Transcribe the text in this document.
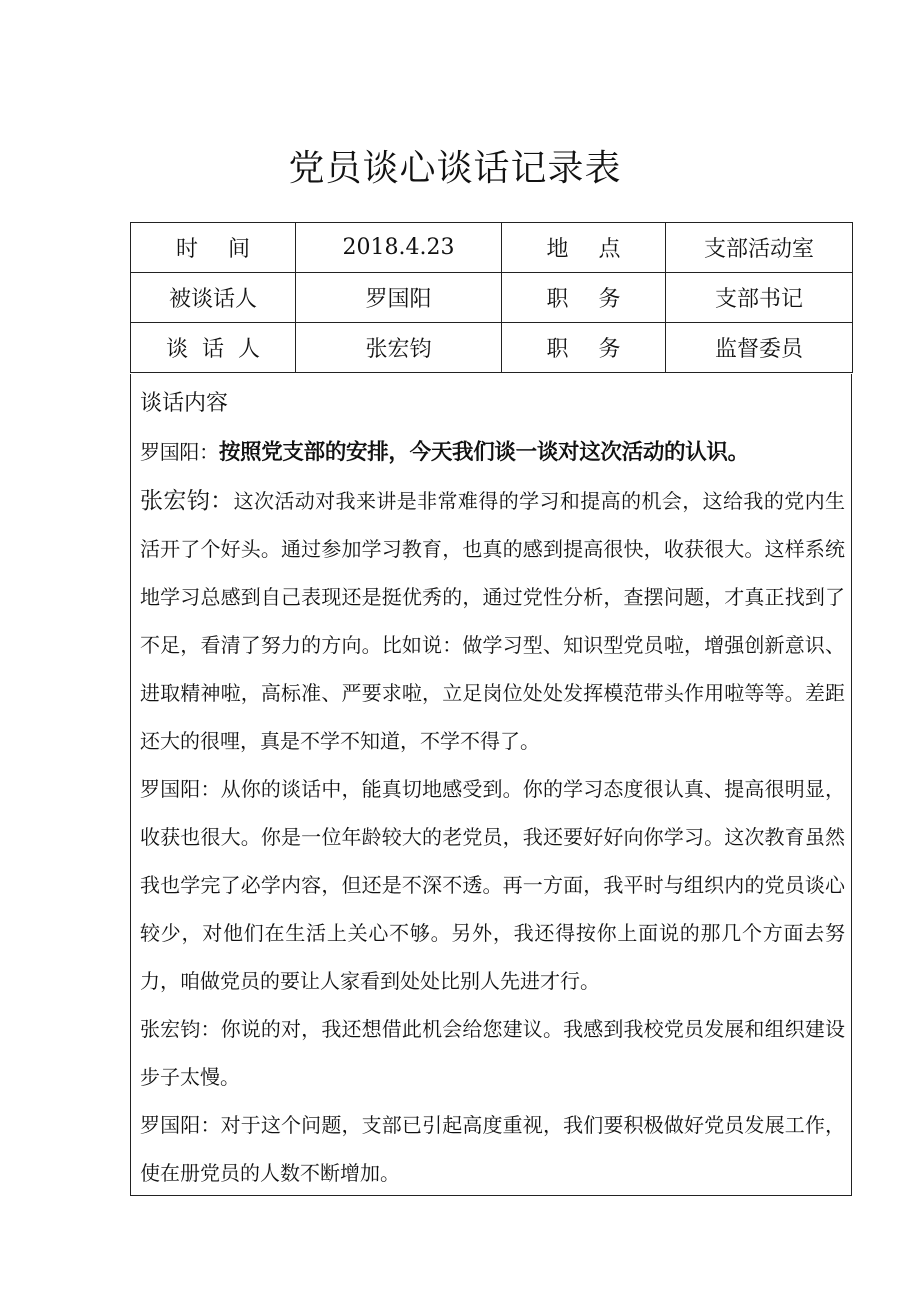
党员谈心谈话记录表
时间	2018.4.23	地点	支部活动室
被谈话人	罗国阳	职务	支部书记
谈话人	张宏钧	职务	监督委员
谈话内容

罗国阳：按照党支部的安排，今天我们谈一谈对这次活动的认识。

张宏钧：这次活动对我来讲是非常难得的学习和提高的机会，这给我的党内生活开了个好头。通过参加学习教育，也真的感到提高很快，收获很大。这样系统地学习总感到自己表现还是挺优秀的，通过党性分析，查摆问题，才真正找到了不足，看清了努力的方向。比如说：做学习型、知识型党员啦，增强创新意识、进取精神啦，高标准、严要求啦，立足岗位处处发挥模范带头作用啦等等。差距还大的很哩，真是不学不知道，不学不得了。

罗国阳：从你的谈话中，能真切地感受到。你的学习态度很认真、提高很明显，收获也很大。你是一位年龄较大的老党员，我还要好好向你学习。这次教育虽然我也学完了必学内容，但还是不深不透。再一方面，我平时与组织内的党员谈心较少，对他们在生活上关心不够。另外，我还得按你上面说的那几个方面去努力，咱做党员的要让人家看到处处比别人先进才行。

张宏钧：你说的对，我还想借此机会给您建议。我感到我校党员发展和组织建设步子太慢。

罗国阳：对于这个问题，支部已引起高度重视，我们要积极做好党员发展工作，使在册党员的人数不断增加。
